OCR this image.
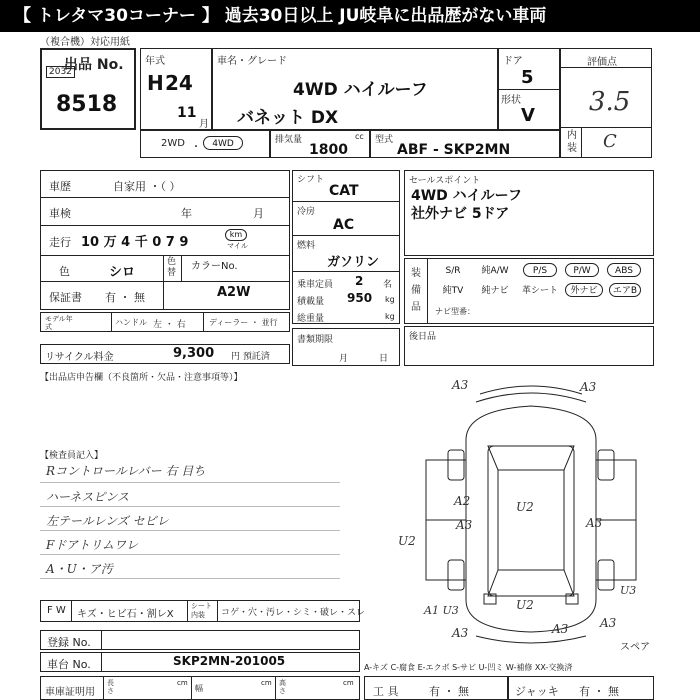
【 トレタマ30コーナー 】 過去30日以上 JU岐阜に出品歴がない車両
（複合機）対応用紙
出品 No.
2032
8518
年式
H 24
11
月
車名・グレード
4WD ハイルーフ
バネット DX
ドア
5
形状
V
評価点
3.5
内装 C
2WD ・	4WD	排気量	cc
1800
型式
ABF - SKP2MN
車歴	自家用 ・（ ）
車検	年	月
走行 10 万 4 千 0 7 9
km
マイル
色	シロ
色替
カラーNo.
保証書 有 ・ 無	A2W
モデル年式	ハンドル 左 ・ 右	ディーラー ・ 並行
リサイクル料金	9,300 円 預託済
シフト
CAT
冷房
AC
燃料
ガソリン
乗車定員 2 名
積載量 950 kg
総重量	kg
書類期限
月	日
セールスポイント
4WD ハイルーフ
社外ナビ 5ドア
装備品
S/R	純A/W	P/S	P/W	ABS
純TV	純ナビ	革シート	外ナビ	エアB
ナビ型番：
後日品
【出品店申告欄（不良箇所・欠品・注意事項等）】
【検査員記入】
Rコントロールレバー 右 目ち
ハーネスピンス
左テールレンズ セビレ
Fドアトリムワレ
A・U・ア汚
A3	A3
A2
A3
U2
U2
U2
A3
A3	A3
U3
A3
A1 U3
スペア
F W キズ・ヒビ石・割レX
シート内装	コゲ・穴・汚レ・シミ・破レ・スレ
登録 No.
車台 No.	SKP2MN-201005	A-キズ C-腐食 E-エクボ S-サビ U-凹ミ W-補修 XX-交換済
車庫証明用
長さ
cm
幅
cm 高さ
cm
工 具	有 ・ 無	ジャッキ 有 ・ 無
